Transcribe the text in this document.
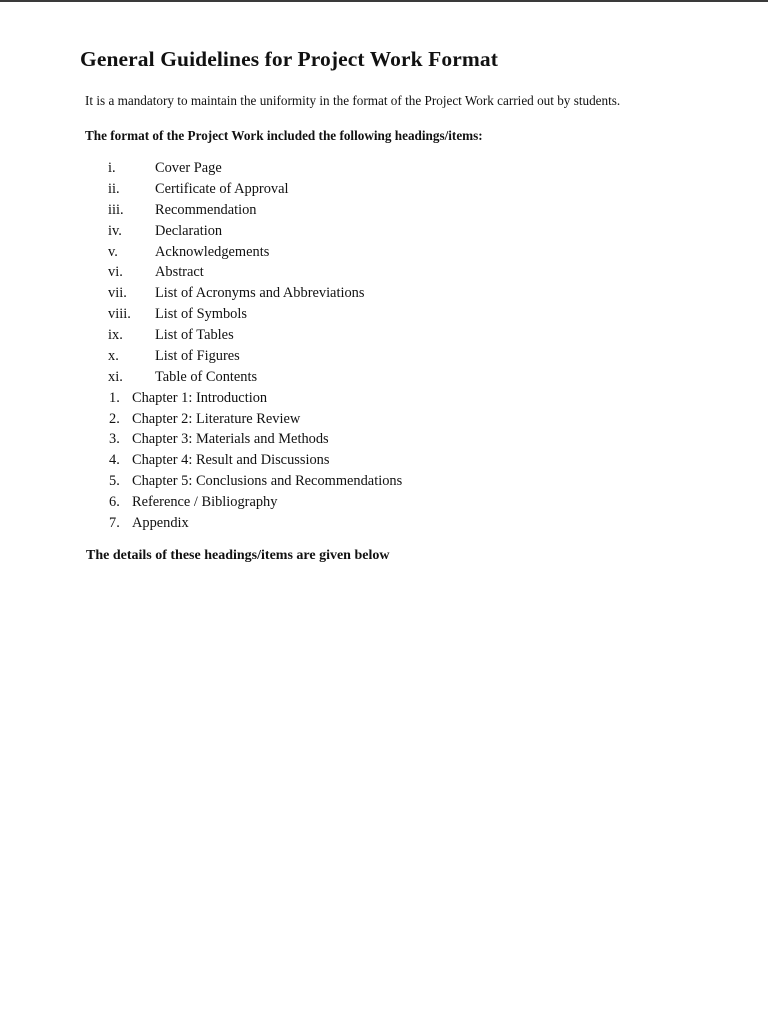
General Guidelines for Project Work Format

It is a mandatory to maintain the uniformity in the format of the Project Work carried out by students.

The format of the Project Work included the following headings/items:

i.	Cover Page
ii. Certificate of Approval
iii. Recommendation
iv. Declaration
v.	Acknowledgements
vi. Abstract
vii. List of Acronyms and Abbreviations
viii. List of Symbols
ix. List of Tables
x.	List of Figures
xi. Table of Contents
1. Chapter 1: Introduction
2. Chapter 2: Literature Review
3. Chapter 3: Materials and Methods
4. Chapter 4: Result and Discussions
5. Chapter 5: Conclusions and Recommendations
6. Reference / Bibliography
7. Appendix

The details of these headings/items are given below
